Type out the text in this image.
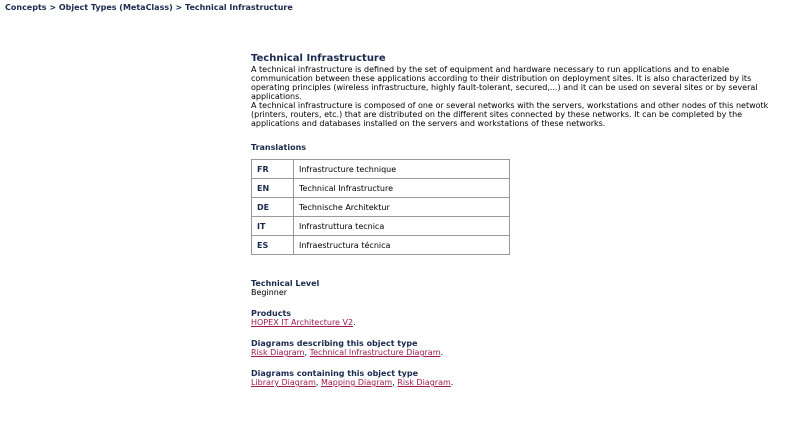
Concepts > Object Types (MetaClass) > Technical Infrastructure
Technical Infrastructure

A technical infrastructure is defined by the set of equipment and hardware necessary to run applications and to enable communication between these applications according to their distribution on deployment sites. It is also characterized by its operating principles (wireless infrastructure, highly fault-tolerant, secured,...) and it can be used on several sites or by several applications.

A technical infrastructure is composed of one or several networks with the servers, workstations and other nodes of this netwotk (printers, routers, etc.) that are distributed on the different sites connected by these networks. It can be completed by the applications and databases installed on the servers and workstations of these networks.

Translations
FR	Infrastructure technique
EN	Technical Infrastructure
DE	Technische Architektur
IT	Infrastruttura tecnica
ES	Infraestructura técnica
Technical Level

Beginner

Products

HOPEX IT Architecture V2.

Diagrams describing this object type

Risk Diagram, Technical Infrastructure Diagram.

Diagrams containing this object type

Library Diagram, Mapping Diagram, Risk Diagram.
